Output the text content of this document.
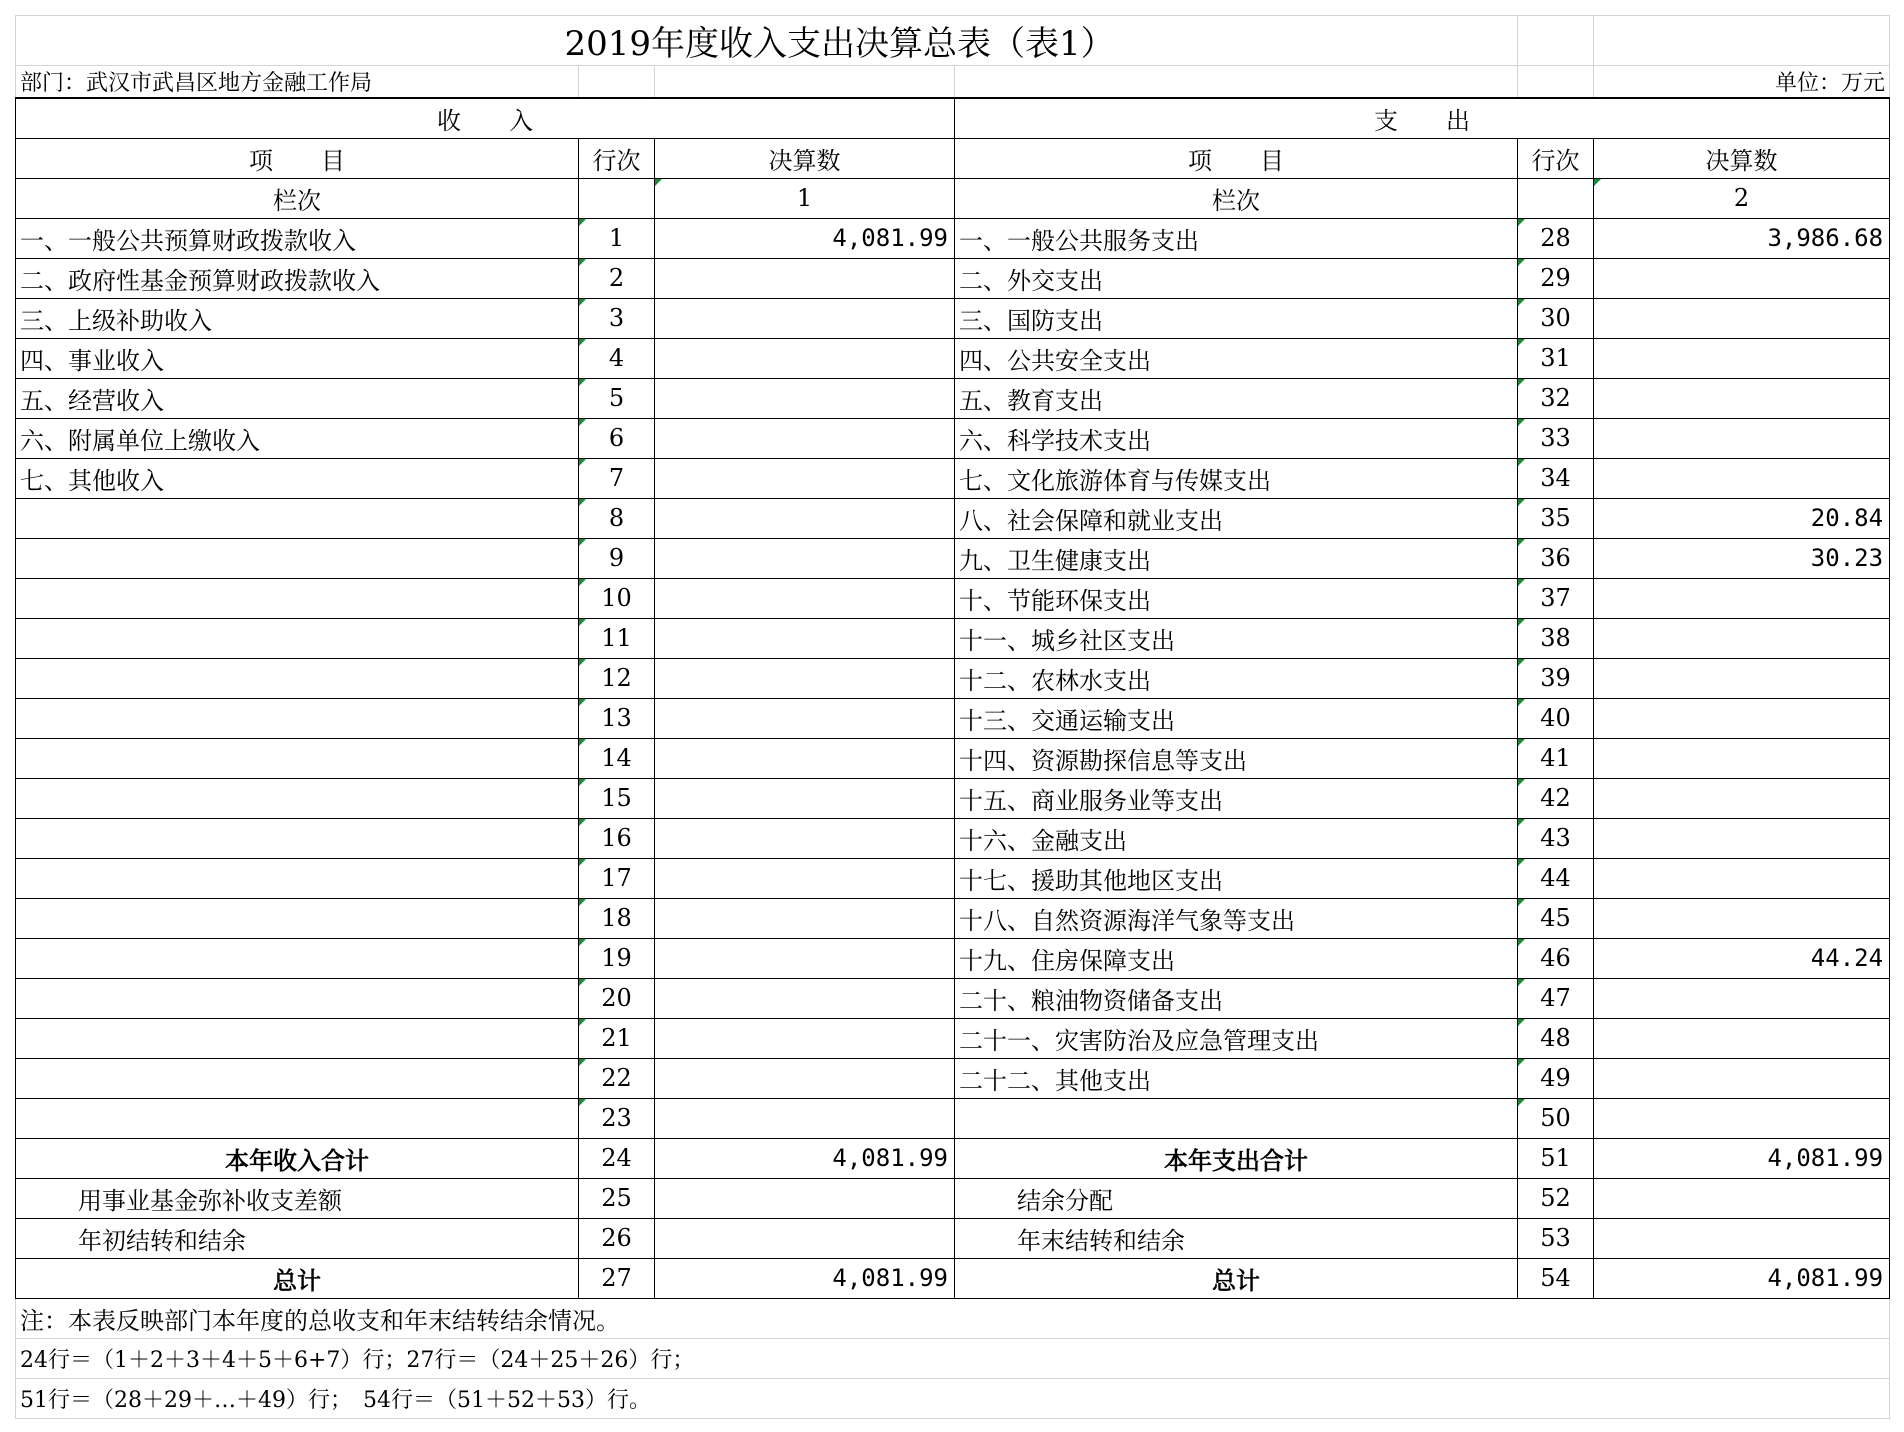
2019年度收入支出决算总表（表1）					
部门：武汉市武昌区地方金融工作局					单位：万元
收　　入			支　　出		
项　　目	行次	决算数	项　　目	行次	决算数
栏次		1	栏次		2
一、一般公共预算财政拨款收入	1	4,081.99	一、一般公共服务支出	28	3,986.68
二、政府性基金预算财政拨款收入	2		二、外交支出	29	
三、上级补助收入	3		三、国防支出	30	
四、事业收入	4		四、公共安全支出	31	
五、经营收入	5		五、教育支出	32	
六、附属单位上缴收入	6		六、科学技术支出	33	
七、其他收入	7		七、文化旅游体育与传媒支出	34	
	8		八、社会保障和就业支出	35	20.84
	9		九、卫生健康支出	36	30.23
	10		十、节能环保支出	37	
	11		十一、城乡社区支出	38	
	12		十二、农林水支出	39	
	13		十三、交通运输支出	40	
	14		十四、资源勘探信息等支出	41	
	15		十五、商业服务业等支出	42	
	16		十六、金融支出	43	
	17		十七、援助其他地区支出	44	
	18		十八、自然资源海洋气象等支出	45	
	19		十九、住房保障支出	46	44.24
	20		二十、粮油物资储备支出	47	
	21		二十一、灾害防治及应急管理支出	48	
	22		二十二、其他支出	49	
	23			50	
本年收入合计	24	4,081.99	本年支出合计	51	4,081.99
用事业基金弥补收支差额	25		结余分配	52	
年初结转和结余	26		年末结转和结余	53	
总计	27	4,081.99	总计	54	4,081.99
注：本表反映部门本年度的总收支和年末结转结余情况。					
24行＝（1＋2＋3＋4＋5＋6+7）行；27行＝（24＋25＋26）行；					
51行＝（28＋29＋…＋49）行；　54行＝（51＋52＋53）行。					
